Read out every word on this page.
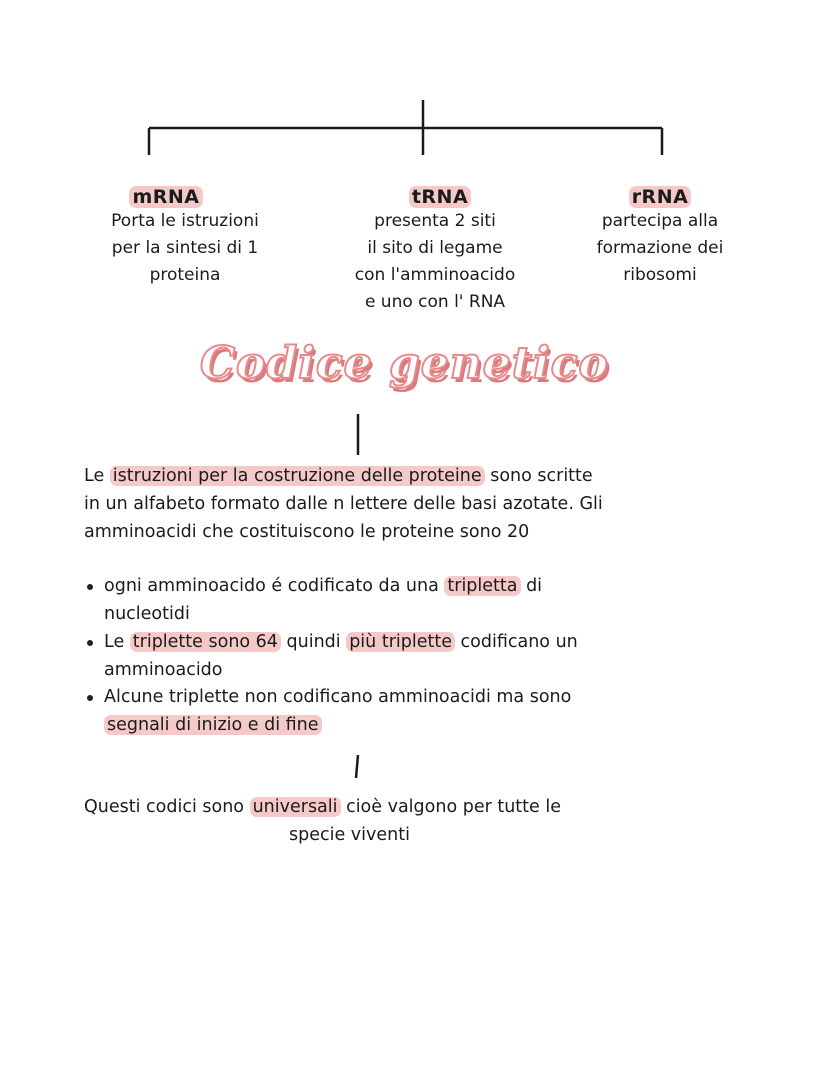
mRNA
Porta le istruzioni
per la sintesi di 1
proteina
tRNA
presenta 2 siti
il sito di legame
con l'amminoacido
e uno con l' RNA
rRNA
partecipa alla
formazione dei
ribosomi
Codice genetico
Le istruzioni per la costruzione delle proteine sono scritte
in un alfabeto formato dalle n lettere delle basi azotate. Gli
amminoacidi che costituiscono le proteine sono 20
ogni amminoacido é codificato da una tripletta di
nucleotidi
Le triplette sono 64 quindi più triplette codificano un
amminoacido
Alcune triplette non codificano amminoacidi ma sono
segnali di inizio e di fine
Questi codici sono universali cioè valgono per tutte le
specie viventi
